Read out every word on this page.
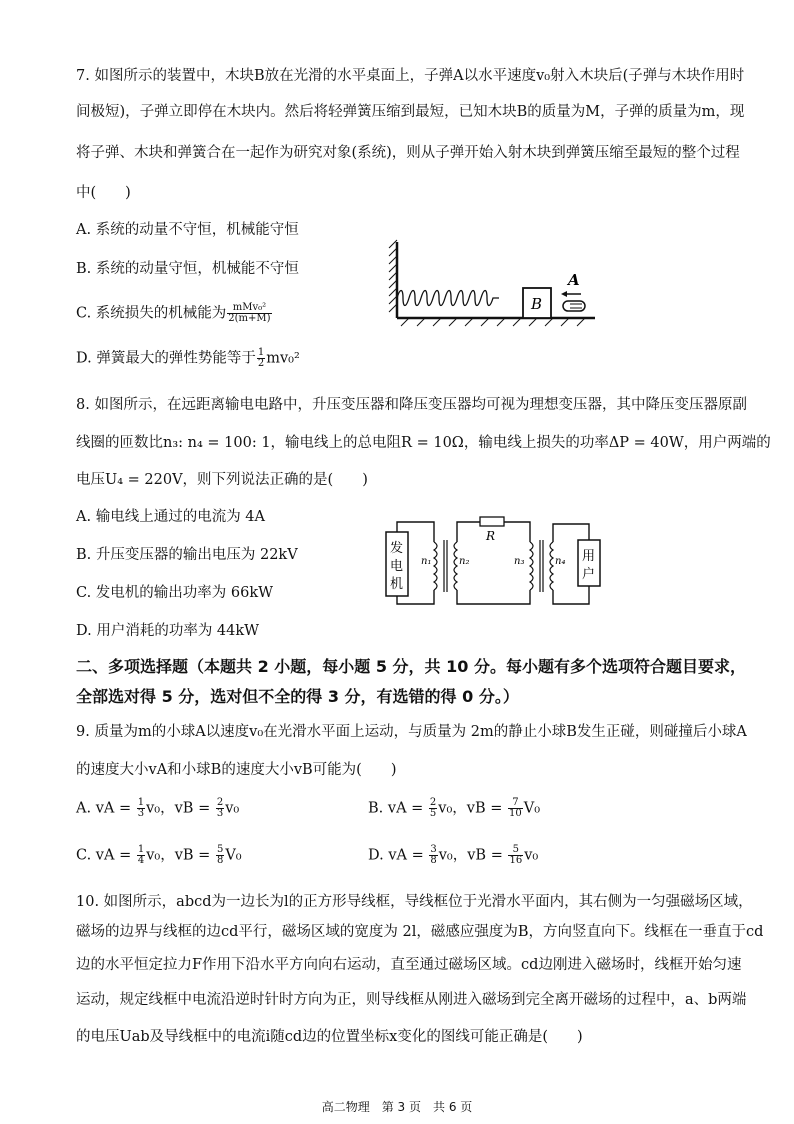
7. 如图所示的装置中，木块B放在光滑的水平桌面上，子弹A以水平速度v₀射入木块后(子弹与木块作用时
间极短)，子弹立即停在木块内。然后将轻弹簧压缩到最短，已知木块B的质量为M，子弹的质量为m，现
将子弹、木块和弹簧合在一起作为研究对象(系统)，则从子弹开始入射木块到弹簧压缩至最短的整个过程
中(　　)
A. 系统的动量不守恒，机械能守恒
B. 系统的动量守恒，机械能不守恒
C. 系统损失的机械能为 $\frac{\text{mMv₀²}}{2(m+M)}$
D. 弹簧最大的弹性势能等于 $\frac{1}{2} mv_0^2$
B
A
8. 如图所示，在远距离输电电路中，升压变压器和降压变压器均可视为理想变压器，其中降压变压器原副
线圈的匝数比n₃: n₄ = 100: 1，输电线上的总电阻R = 10Ω，输电线上损失的功率ΔP = 40W，用户两端的
电压U₄ = 220V，则下列说法正确的是(　　)
A. 输电线上通过的电流为 4A
B. 升压变压器的输出电压为 22kV
C. 发电机的输出功率为 66kW
D. 用户消耗的功率为 44kW
发
电
机
n₁	n₂
R
n₃	n₄ 用
户
二、多项选择题（本题共 2 小题，每小题 5 分，共 10 分。每小题有多个选项符合题目要求，
全部选对得 5 分，选对但不全的得 3 分，有选错的得 0 分。）
9. 质量为m的小球A以速度v₀在光滑水平面上运动，与质量为 2m的静止小球B发生正碰，则碰撞后小球A
的速度大小vA和小球B的速度大小vB可能为(　　)
A. vA = $\frac{1}{3} v_0$，vB = $\frac{2}{3} v_0$	B. vA = $\frac{2}{5} v_0$，vB = $\frac{7}{10} V_0$
C. vA = $\frac{1}{4} v_0$，vB = $\frac{5}{8} V_0$	D. vA = $\frac{3}{8} v_0$，vB = $\frac{5}{16} v_0$
10. 如图所示，abcd为一边长为l的正方形导线框，导线框位于光滑水平面内，其右侧为一匀强磁场区域，
磁场的边界与线框的边cd平行，磁场区域的宽度为 2l，磁感应强度为B，方向竖直向下。线框在一垂直于cd
边的水平恒定拉力F作用下沿水平方向向右运动，直至通过磁场区域。cd边刚进入磁场时，线框开始匀速
运动，规定线框中电流沿逆时针时方向为正，则导线框从刚进入磁场到完全离开磁场的过程中，a、b两端
的电压Uab及导线框中的电流i随cd边的位置坐标x变化的图线可能正确是(　　)
高二物理　第 3 页　共 6 页
